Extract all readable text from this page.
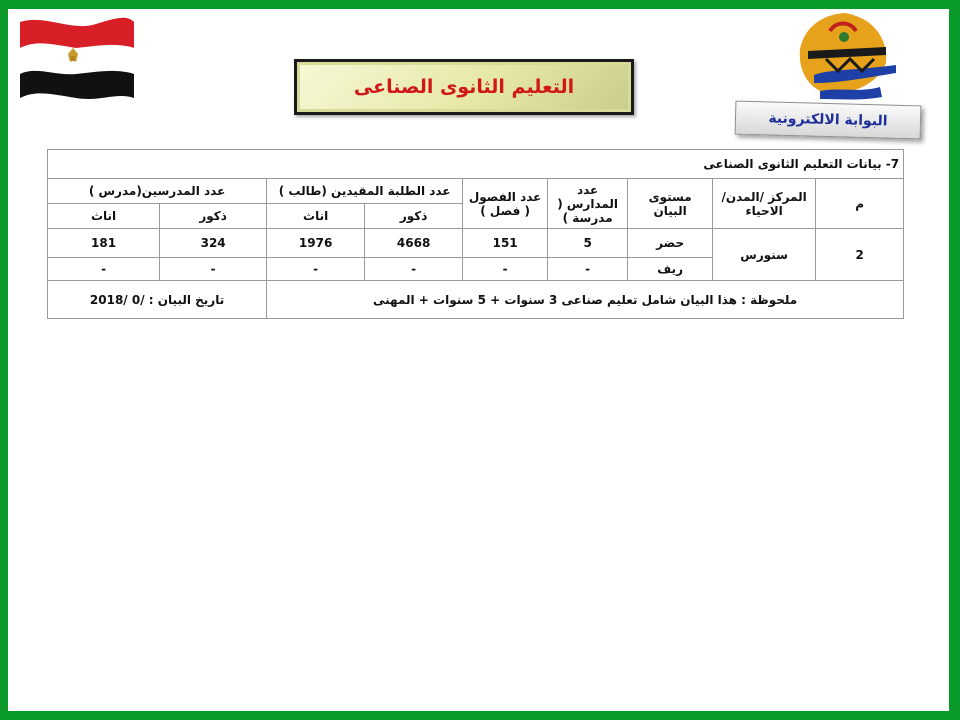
التعليم الثانوى الصناعى
البوابة الالكترونية
7- بيانات التعليم الثانوى الصناعى								
م	المركز /المدن/الاحياء	مستوى البيان	عدد المدارس ( مدرسة )	عدد الفصول ( فصل )	عدد الطلبة المقيدين (طالب )		عدد المدرسين(مدرس )	
					ذكور	اناث	ذكور	اناث
2	سنورس	حضر	5	151	4668	1976	324	181
		ريف	-	-	-	-	-	-
ملحوظة : هذا البيان شامل تعليم صناعى 3 سنوات + 5 سنوات + المهنى							تاريخ البيان : 2018/ 0/	
